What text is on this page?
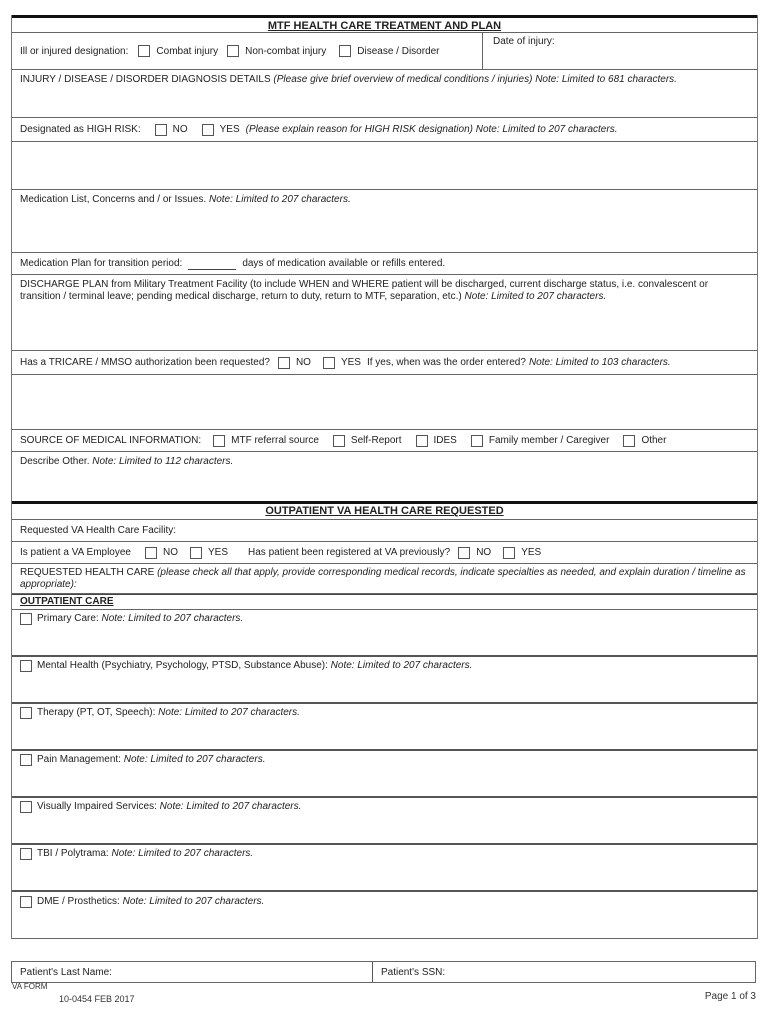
MTF HEALTH CARE TREATMENT AND PLAN
Ill or injured designation:	Combat injury	Non-combat injury	Disease / Disorder
Date of injury:
INJURY / DISEASE / DISORDER DIAGNOSIS DETAILS (Please give brief overview of medical conditions / injuries) Note: Limited to 681 characters.
Designated as HIGH RISK:	NO	YES (Please explain reason for HIGH RISK designation) Note: Limited to 207 characters.
Medication List, Concerns and / or Issues. Note: Limited to 207 characters.
Medication Plan for transition period:	days of medication available or refills entered.
DISCHARGE PLAN from Military Treatment Facility (to include WHEN and WHERE patient will be discharged, current discharge status, i.e. convalescent or transition / terminal leave; pending medical discharge, return to duty, return to MTF, separation, etc.) Note: Limited to 207 characters.
Has a TRICARE / MMSO authorization been requested?	NO	YES If yes, when was the order entered? Note: Limited to 103 characters.
SOURCE OF MEDICAL INFORMATION:	MTF referral source	Self-Report	IDES	Family member / Caregiver	Other
Describe Other. Note: Limited to 112 characters.
OUTPATIENT VA HEALTH CARE REQUESTED
Requested VA Health Care Facility:
Is patient a VA Employee	NO	YES Has patient been registered at VA previously?	NO	YES
REQUESTED HEALTH CARE (please check all that apply, provide corresponding medical records, indicate specialties as needed, and explain duration / timeline as appropriate):
OUTPATIENT CARE
Primary Care:
Note: Limited to 207 characters.
Mental Health (Psychiatry, Psychology, PTSD, Substance Abuse):
Note: Limited to 207 characters.
Therapy (PT, OT, Speech):
Note: Limited to 207 characters.
Pain Management:
Note: Limited to 207 characters.
Visually Impaired Services:
Note: Limited to 207 characters.
TBI / Polytrama:
Note: Limited to 207 characters.
DME / Prosthetics:
Note: Limited to 207 characters.
Patient's Last Name:	Patient's SSN:
VA FORM
10-0454 FEB 2017	Page 1 of 3
